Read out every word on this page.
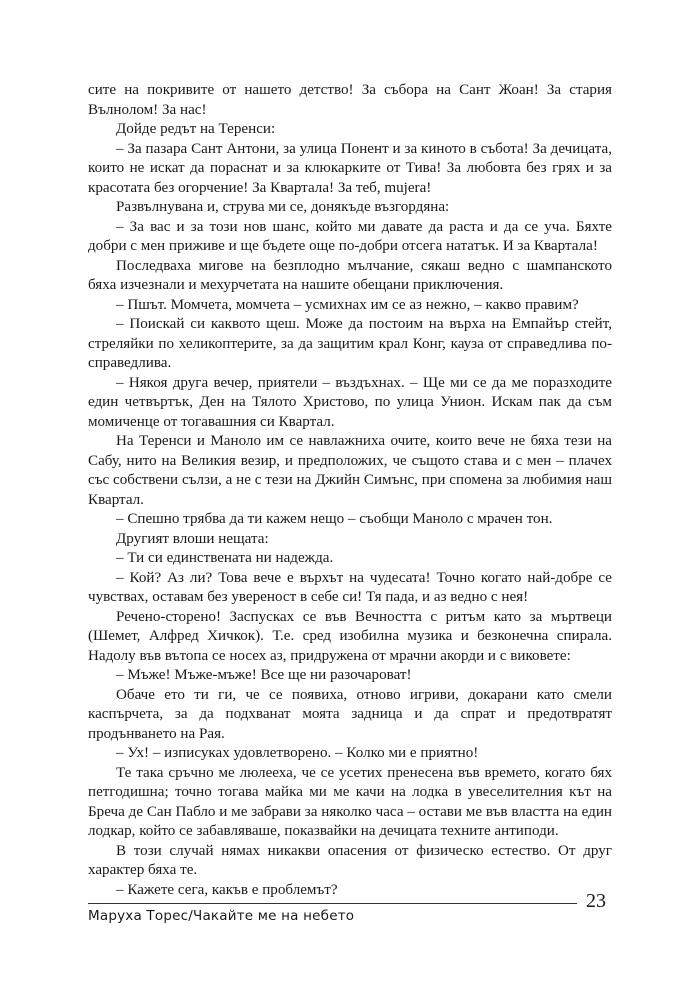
сите на покривите от нашето детство! За събора на Сант Жоан! За стария Вълнолом! За нас!

Дойде редът на Теренси:

– За пазара Сант Антони, за улица Понент и за киното в събота! За дечицата, които не искат да пораснат и за клюкарките от Тива! За любовта без грях и за красотата без огорчение! За Квартала! За теб, mujera!

Развълнувана и, струва ми се, донякъде възгордяна:

– За вас и за този нов шанс, който ми давате да раста и да се уча. Бяхте добри с мен приживе и ще бъдете още по-добри отсега нататък. И за Квартала!

Последваха мигове на безплодно мълчание, сякаш ведно с шампанското бяха изчезнали и мехурчетата на нашите обещани приключения.

– Пшът. Момчета, момчета – усмихнах им се аз нежно, – какво правим?

– Поискай си каквото щеш. Може да постоим на върха на Емпайър стейт, стреляйки по хеликоптерите, за да защитим крал Конг, кауза от справедлива по-справедлива.

– Някоя друга вечер, приятели – въздъхнах. – Ще ми се да ме поразходите един четвъртък, Ден на Тялото Христово, по улица Унион. Искам пак да съм момиченце от тогавашния си Квартал.

На Теренси и Маноло им се навлажниха очите, които вече не бяха тези на Сабу, нито на Великия везир, и предположих, че същото става и с мен – плачех със собствени сълзи, а не с тези на Джийн Симънс, при спомена за любимия наш Квартал.

– Спешно трябва да ти кажем нещо – съобщи Маноло с мрачен тон.

Другият влоши нещата:

– Ти си единствената ни надежда.

– Кой? Аз ли? Това вече е върхът на чудесата! Точно когато най-добре се чувствах, оставам без увереност в себе си! Тя пада, и аз ведно с нея!

Речено-сторено! Заспусках се във Вечността с ритъм като за мъртвеци (Шемет, Алфред Хичкок). Т.е. сред изобилна музика и безконечна спирала. Надолу във вътопа се носех аз, придружена от мрачни акорди и с виковете:

– Мъже! Мъже-мъже! Все ще ни разочароват!

Обаче ето ти ги, че се появиха, отново игриви, докарани като смели каспърчета, за да подхванат моята задница и да спрат и предотвратят продънването на Рая.

– Ух! – изписуках удовлетворено. – Колко ми е приятно!

Те така сръчно ме люлееха, че се усетих пренесена във времето, когато бях петгодишна; точно тогава майка ми ме качи на лодка в увеселителния кът на Бреча де Сан Пабло и ме забрави за няколко часа – остави ме във властта на един лодкар, който се забавляваше, показвайки на дечицата техните антиподи.

В този случай нямах никакви опасения от физическо естество. От друг характер бяха те.

– Кажете сега, какъв е проблемът?

Маруха Торес/Чакайте ме на небето
23
